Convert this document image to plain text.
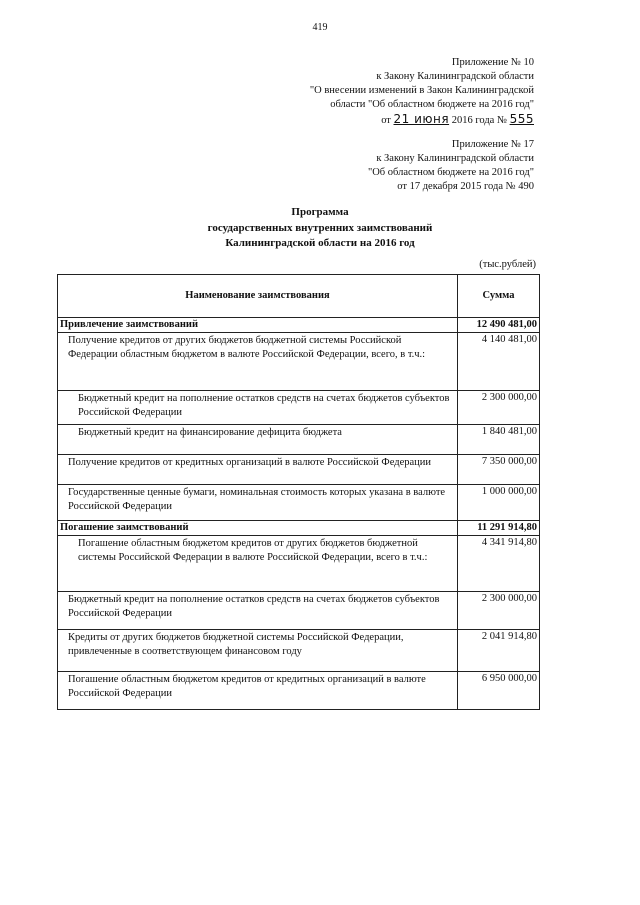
419
Приложение № 10
к Закону Калининградской области
"О внесении изменений в Закон Калининградской
области "Об областном бюджете на 2016 год"
от 21 июня 2016 года № 555
Приложение № 17
к Закону Калининградской области
"Об областном бюджете на 2016 год"
от 17 декабря 2015 года № 490
Программа
государственных внутренних заимствований
Калининградской области на 2016 год
(тыс.рублей)
Наименование заимствования	Сумма
Привлечение заимствований	12 490 481,00
Получение кредитов от других бюджетов бюджетной системы Российской Федерации областным бюджетом в валюте Российской Федерации, всего, в т.ч.:	4 140 481,00
Бюджетный кредит на пополнение остатков средств на счетах бюджетов субъектов Российской Федерации	2 300 000,00
Бюджетный кредит на финансирование дефицита бюджета	1 840 481,00
Получение кредитов от кредитных организаций в валюте Российской Федерации	7 350 000,00
Государственные ценные бумаги, номинальная стоимость которых указана в валюте Российской Федерации	1 000 000,00
Погашение заимствований	11 291 914,80
Погашение областным бюджетом кредитов от других бюджетов бюджетной системы Российской Федерации в валюте Российской Федерации, всего в т.ч.:	4 341 914,80
Бюджетный кредит на пополнение остатков средств на счетах бюджетов субъектов Российской Федерации	2 300 000,00
Кредиты от других бюджетов бюджетной системы Российской Федерации, привлеченные в соответствующем финансовом году	2 041 914,80
Погашение областным бюджетом кредитов от кредитных организаций в валюте Российской Федерации	6 950 000,00
